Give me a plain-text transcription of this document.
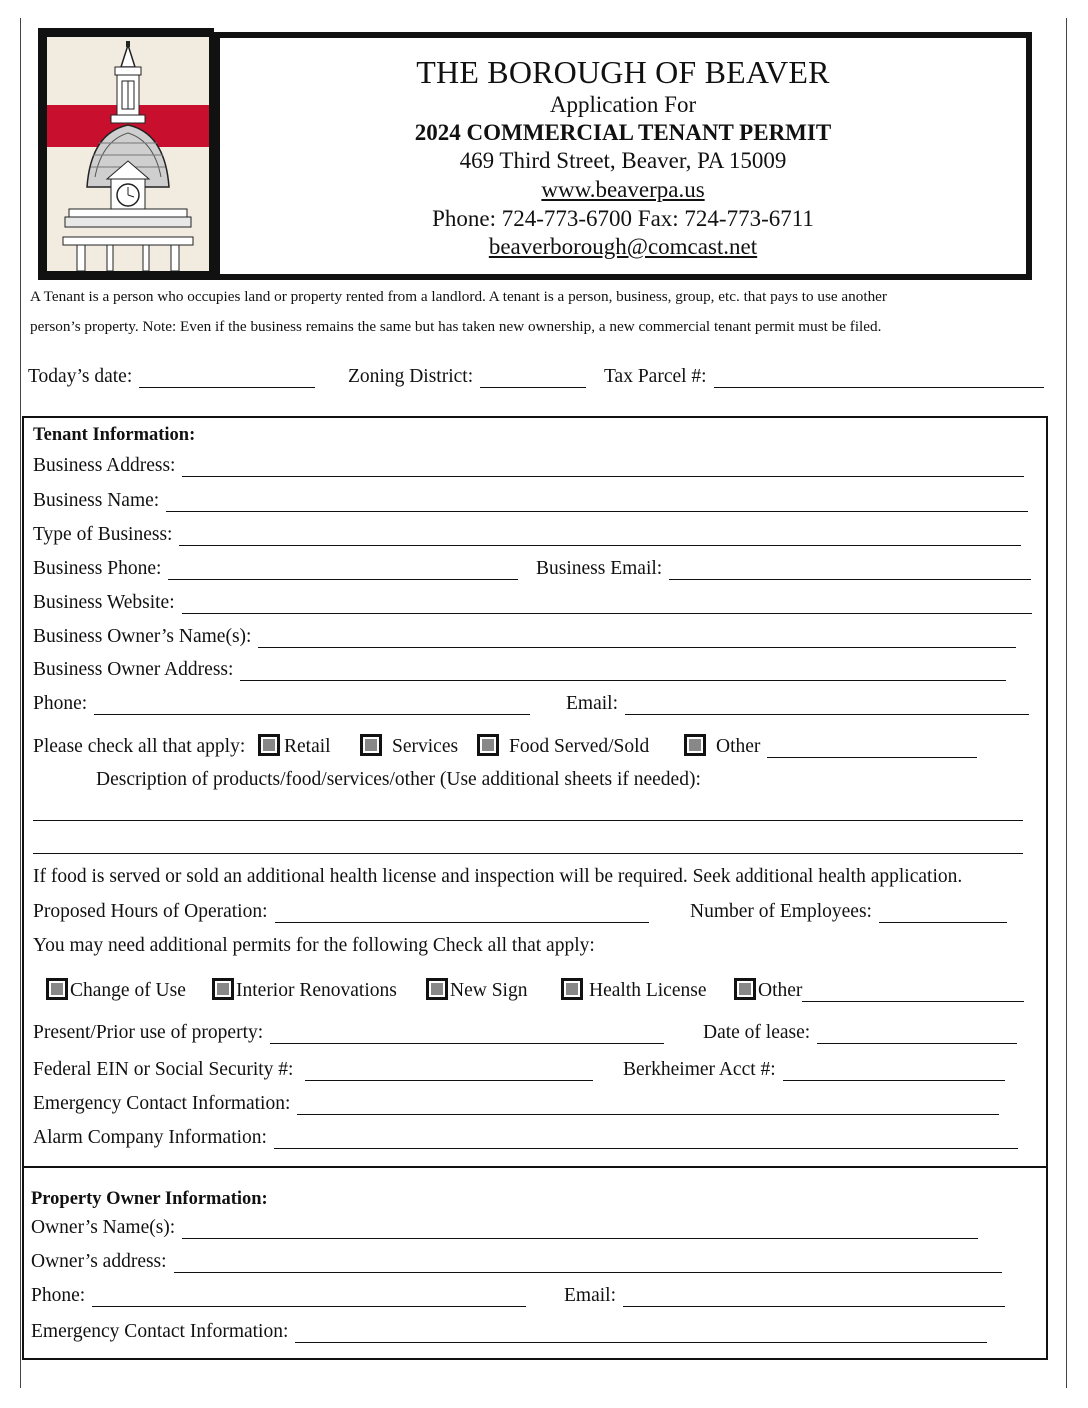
THE BOROUGH OF BEAVER
Application For
2024 COMMERCIAL TENANT PERMIT
469 Third Street, Beaver, PA 15009
www.beaverpa.us
Phone: 724-773-6700 Fax: 724-773-6711
beaverborough@comcast.net
A Tenant is a person who occupies land or property rented from a landlord. A tenant is a person, business, group, etc. that pays to use another
person’s property. Note: Even if the business remains the same but has taken new ownership, a new commercial tenant permit must be filed.
Today’s date:	Zoning District:	Tax Parcel #:
Tenant Information:
Business Address:
Business Name:
Type of Business:
Business Phone:	Business Email:
Business Website:
Business Owner’s Name(s):
Business Owner Address:
Phone:	Email:
Please check all that apply: Retail	Services	Food Served/Sold	Other
Description of products/food/services/other (Use additional sheets if needed):
If food is served or sold an additional health license and inspection will be required. Seek additional health application.
Proposed Hours of Operation:	Number of Employees:
You may need additional permits for the following Check all that apply:
Change of Use	Interior Renovations	New Sign	Health License	Other
Present/Prior use of property:	Date of lease:
Federal EIN or Social Security #:	Berkheimer Acct #:
Emergency Contact Information:
Alarm Company Information:
Property Owner Information:
Owner’s Name(s):
Owner’s address:
Phone:	Email:
Emergency Contact Information:
